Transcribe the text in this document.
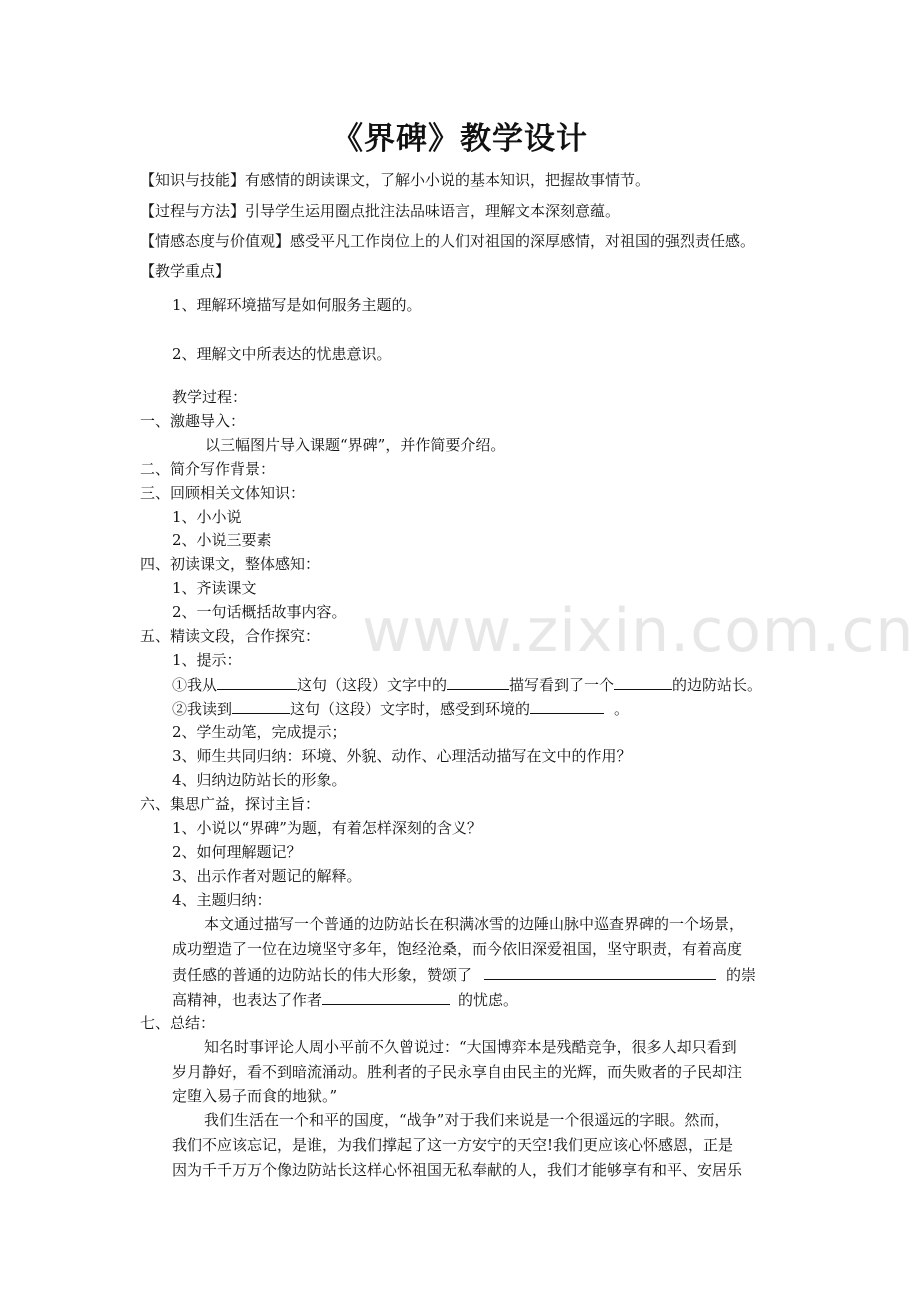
《界碑》教学设计
【知识与技能】有感情的朗读课文，了解小小说的基本知识，把握故事情节。
【过程与方法】引导学生运用圈点批注法品味语言，理解文本深刻意蕴。
【情感态度与价值观】感受平凡工作岗位上的人们对祖国的深厚感情，对祖国的强烈责任感。
【教学重点】
1、理解环境描写是如何服务主题的。
2、理解文中所表达的忧患意识。
教学过程：
一、激趣导入：
以三幅图片导入课题“界碑”，并作简要介绍。
二、简介写作背景：
三、回顾相关文体知识：
1、小小说
2、小说三要素
四、初读课文，整体感知：
1、齐读课文
2、一句话概括故事内容。
五、精读文段，合作探究：
1、提示：
①我从	这句（这段）文字中的	描写看到了一个	的边防站长。
②我读到	这句（这段）文字时，感受到环境的	。
2、学生动笔，完成提示；
3、师生共同归纳：环境、外貌、动作、心理活动描写在文中的作用？
4、归纳边防站长的形象。
六、集思广益，探讨主旨：
1、小说以“界碑”为题，有着怎样深刻的含义？
2、如何理解题记？
3、出示作者对题记的解释。
4、主题归纳：
本文通过描写一个普通的边防站长在积满冰雪的边陲山脉中巡查界碑的一个场景，
成功塑造了一位在边境坚守多年，饱经沧桑，而今依旧深爱祖国，坚守职责，有着高度
责任感的普通的边防站长的伟大形象，赞颂了	的崇
高精神，也表达了作者	的忧虑。
七、总结：
知名时事评论人周小平前不久曾说过：“大国博弈本是残酷竞争，很多人却只看到
岁月静好，看不到暗流涌动。胜利者的子民永享自由民主的光辉，而失败者的子民却注
定堕入易子而食的地狱。”
我们生活在一个和平的国度，“战争”对于我们来说是一个很遥远的字眼。然而，
我们不应该忘记，是谁，为我们撑起了这一方安宁的天空!我们更应该心怀感恩，正是
因为千千万万个像边防站长这样心怀祖国无私奉献的人，我们才能够享有和平、安居乐
www.zixin.com.cn
